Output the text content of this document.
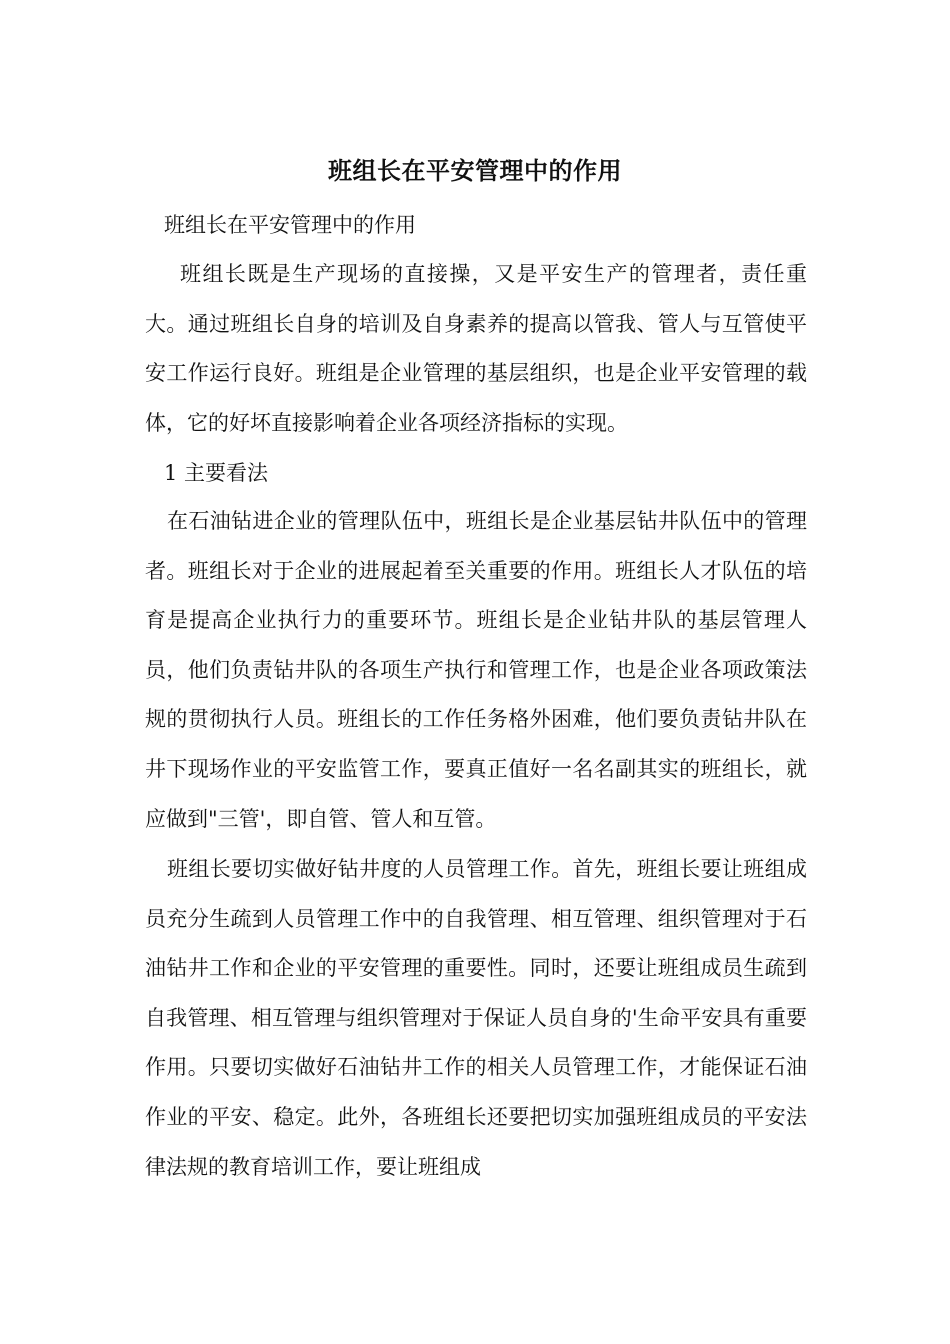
班组长在平安管理中的作用
班组长在平安管理中的作用

班组长既是生产现场的直接操，又是平安生产的管理者，责任重大。通过班组长自身的培训及自身素养的提高以管我、管人与互管使平安工作运行良好。班组是企业管理的基层组织，也是企业平安管理的载体，它的好坏直接影响着企业各项经济指标的实现。

1 主要看法

在石油钻进企业的管理队伍中，班组长是企业基层钻井队伍中的管理者。班组长对于企业的进展起着至关重要的作用。班组长人才队伍的培育是提高企业执行力的重要环节。班组长是企业钻井队的基层管理人员，他们负责钻井队的各项生产执行和管理工作，也是企业各项政策法规的贯彻执行人员。班组长的工作任务格外困难，他们要负责钻井队在井下现场作业的平安监管工作，要真正值好一名名副其实的班组长，就应做到"三管'，即自管、管人和互管。

班组长要切实做好钻井度的人员管理工作。首先，班组长要让班组成员充分生疏到人员管理工作中的自我管理、相互管理、组织管理对于石油钻井工作和企业的平安管理的重要性。同时，还要让班组成员生疏到自我管理、相互管理与组织管理对于保证人员自身的'生命平安具有重要作用。只要切实做好石油钻井工作的相关人员管理工作，才能保证石油作业的平安、稳定。此外，各班组长还要把切实加强班组成员的平安法律法规的教育培训工作，要让班组成
